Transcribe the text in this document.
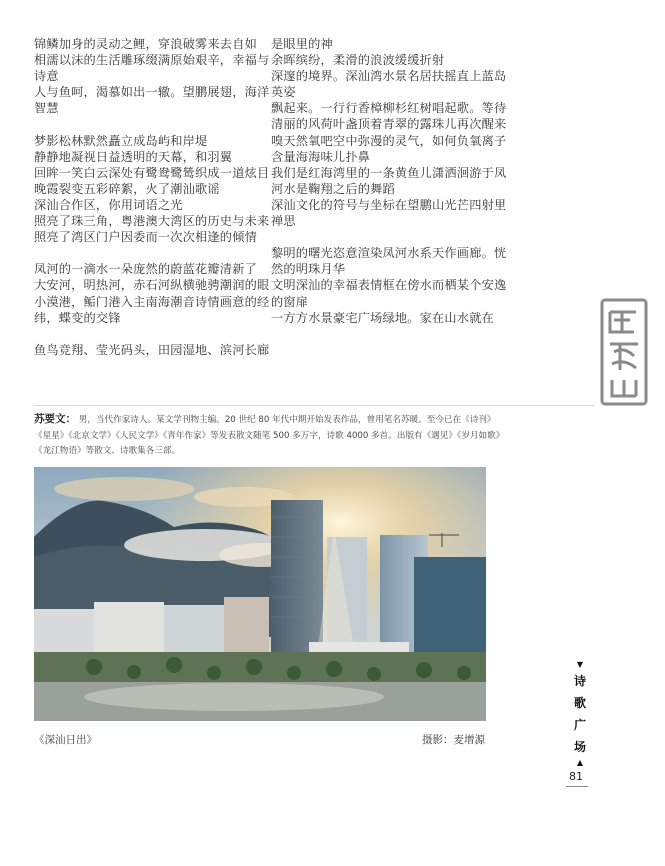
锦鳞加身的灵动之鲤，穿浪破雾来去自如
相濡以沫的生活雕琢缀满原始艰辛，幸福与
诗意
人与鱼呵，渴慕如出一辙。望鹏展翅，海洋
智慧
梦影松林默然矗立成岛屿和岸堤
静静地凝视日益透明的天幕，和羽翼
回眸一笑白云深处有鹭鸯鹭鸶织成一道炫目
晚霞裂变五彩碎絮，火了潮汕歌谣
深汕合作区，你用词语之光
照亮了珠三角，粤港澳大湾区的历史与未来
照亮了湾区门户因委而一次次相逢的倾情
凤河的一滴水一朵庞然的蔚蓝花瓣清新了
大安河，明热河，赤石河纵横驰骋潮润的眼
小漠港，鲘门港入主南海潮音诗情画意的经
纬，蝶变的交锋
鱼鸟竞翔、莹光码头，田园湿地、滨河长廊
是眼里的神
余晖缤纷，柔滑的浪波缓缓折射
深邃的境界。深汕湾水景名居扶摇直上蓝岛
英姿
飘起来。一行行香樟柳杉红树唱起歌。等待
清丽的风荷叶盏顶着青翠的露珠儿再次醒来
嗅天然氧吧空中弥漫的灵气，如何负氧离子
含量海海味儿扑鼻
我们是红海湾里的一条黄鱼儿潇洒洄游于凤
河水是鞠翔之后的舞蹈
深汕文化的符号与坐标在望鹏山光芒四射里
禅思
黎明的曙光恣意渲染凤河水系天作画廊。恍
然的明珠月华
文明深汕的幸福表情框在傍水而栖某个安逸
的窗扉
一方方水景豪宅广场绿地。家在山水就在
苏要文： 男，当代作家诗人。某文学刊物主编。20 世纪 80 年代中期开始发表作品，曾用笔名苏暖。至今已在《诗刊》《星星》《北京文学》《人民文学》《青年作家》等发表散文随笔 500 多万字，诗歌 4000 多首。出版有《遇见》《岁月如歌》《龙江物语》等散文、诗歌集各三部。
《深汕日出》	摄影：麦增源
▼
诗
歌
广
场
▲
81
